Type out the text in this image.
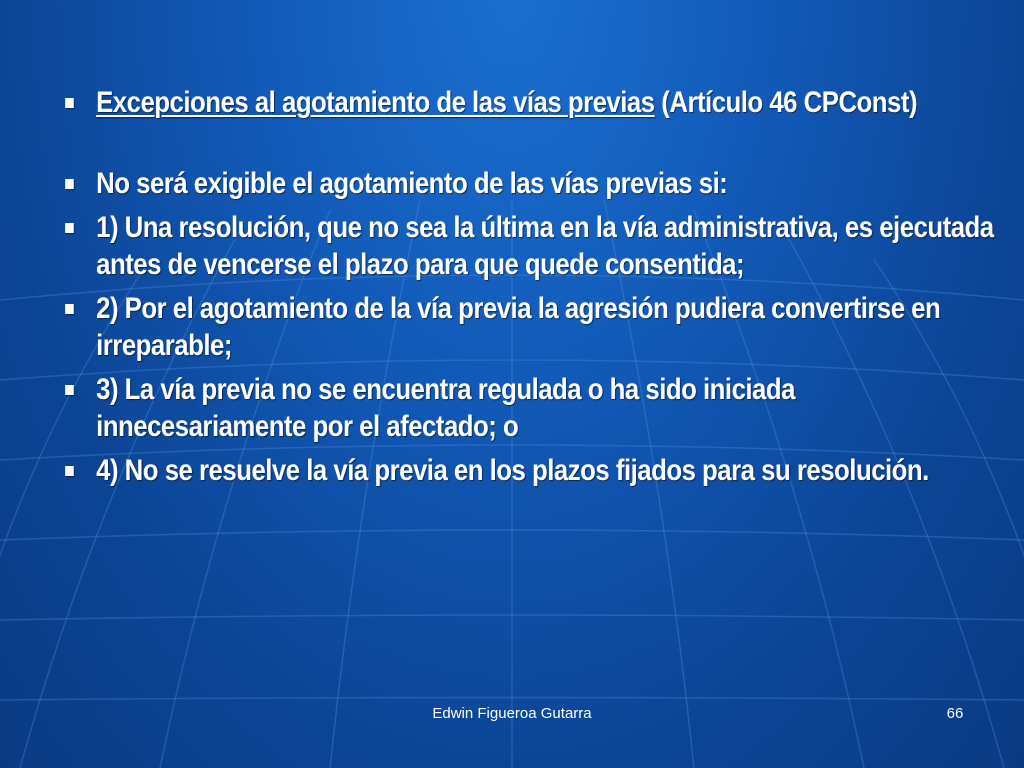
Excepciones al agotamiento de las vías previas (Artículo 46 CPConst)
No será exigible el agotamiento de las vías previas si:
1) Una resolución, que no sea la última en la vía administrativa, es ejecutada antes de vencerse el plazo para que quede consentida;
2) Por el agotamiento de la vía previa la agresión pudiera convertirse en irreparable;
3) La vía previa no se encuentra regulada o ha sido iniciada innecesariamente por el afectado; o
4) No se resuelve la vía previa en los plazos fijados para su resolución.
Edwin Figueroa Gutarra	66
